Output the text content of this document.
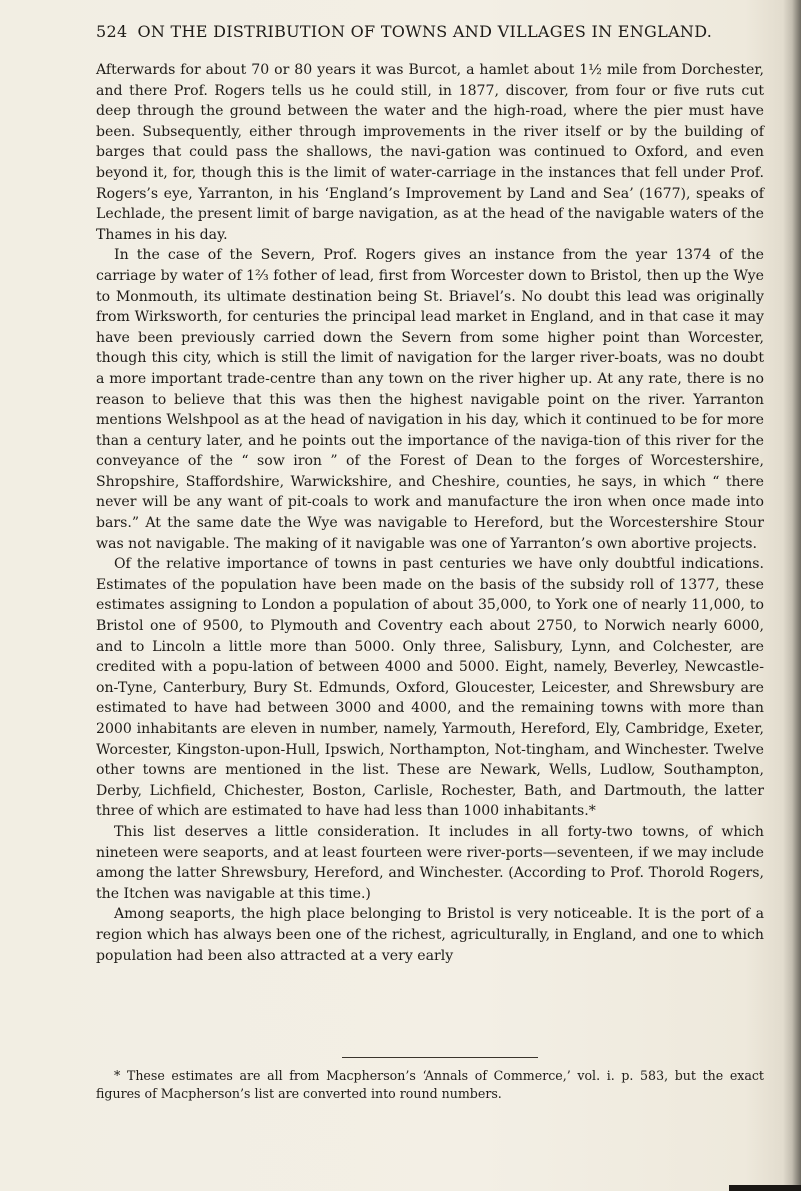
524 ON THE DISTRIBUTION OF TOWNS AND VILLAGES IN ENGLAND.

Afterwards for about 70 or 80 years it was Burcot, a hamlet about 1½ mile from Dorchester, and there Prof. Rogers tells us he could still, in 1877, discover, from four or five ruts cut deep through the ground between the water and the high-road, where the pier must have been. Subsequently, either through improvements in the river itself or by the building of barges that could pass the shallows, the navi-gation was continued to Oxford, and even beyond it, for, though this is the limit of water-carriage in the instances that fell under Prof. Rogers’s eye, Yarranton, in his ‘England’s Improvement by Land and Sea’ (1677), speaks of Lechlade, the present limit of barge navigation, as at the head of the navigable waters of the Thames in his day.

In the case of the Severn, Prof. Rogers gives an instance from the year 1374 of the carriage by water of 1⅔ fother of lead, first from Worcester down to Bristol, then up the Wye to Monmouth, its ultimate destination being St. Briavel’s. No doubt this lead was originally from Wirksworth, for centuries the principal lead market in England, and in that case it may have been previously carried down the Severn from some higher point than Worcester, though this city, which is still the limit of navigation for the larger river-boats, was no doubt a more important trade-centre than any town on the river higher up. At any rate, there is no reason to believe that this was then the highest navigable point on the river. Yarranton mentions Welshpool as at the head of navigation in his day, which it continued to be for more than a century later, and he points out the importance of the naviga-tion of this river for the conveyance of the “ sow iron ” of the Forest of Dean to the forges of Worcestershire, Shropshire, Staffordshire, Warwickshire, and Cheshire, counties, he says, in which “ there never will be any want of pit-coals to work and manufacture the iron when once made into bars.” At the same date the Wye was navigable to Hereford, but the Worcestershire Stour was not navigable. The making of it navigable was one of Yarranton’s own abortive projects.

Of the relative importance of towns in past centuries we have only doubtful indications. Estimates of the population have been made on the basis of the subsidy roll of 1377, these estimates assigning to London a population of about 35,000, to York one of nearly 11,000, to Bristol one of 9500, to Plymouth and Coventry each about 2750, to Norwich nearly 6000, and to Lincoln a little more than 5000. Only three, Salisbury, Lynn, and Colchester, are credited with a popu-lation of between 4000 and 5000. Eight, namely, Beverley, Newcastle-on-Tyne, Canterbury, Bury St. Edmunds, Oxford, Gloucester, Leicester, and Shrewsbury are estimated to have had between 3000 and 4000, and the remaining towns with more than 2000 inhabitants are eleven in number, namely, Yarmouth, Hereford, Ely, Cambridge, Exeter, Worcester, Kingston-upon-Hull, Ipswich, Northampton, Not-tingham, and Winchester. Twelve other towns are mentioned in the list. These are Newark, Wells, Ludlow, Southampton, Derby, Lichfield, Chichester, Boston, Carlisle, Rochester, Bath, and Dartmouth, the latter three of which are estimated to have had less than 1000 inhabitants.*

This list deserves a little consideration. It includes in all forty-two towns, of which nineteen were seaports, and at least fourteen were river-ports—seventeen, if we may include among the latter Shrewsbury, Hereford, and Winchester. (According to Prof. Thorold Rogers, the Itchen was navigable at this time.)

Among seaports, the high place belonging to Bristol is very noticeable. It is the port of a region which has always been one of the richest, agriculturally, in England, and one to which population had been also attracted at a very early

* These estimates are all from Macpherson’s ‘Annals of Commerce,’ vol. i. p. 583, but the exact figures of Macpherson’s list are converted into round numbers.
